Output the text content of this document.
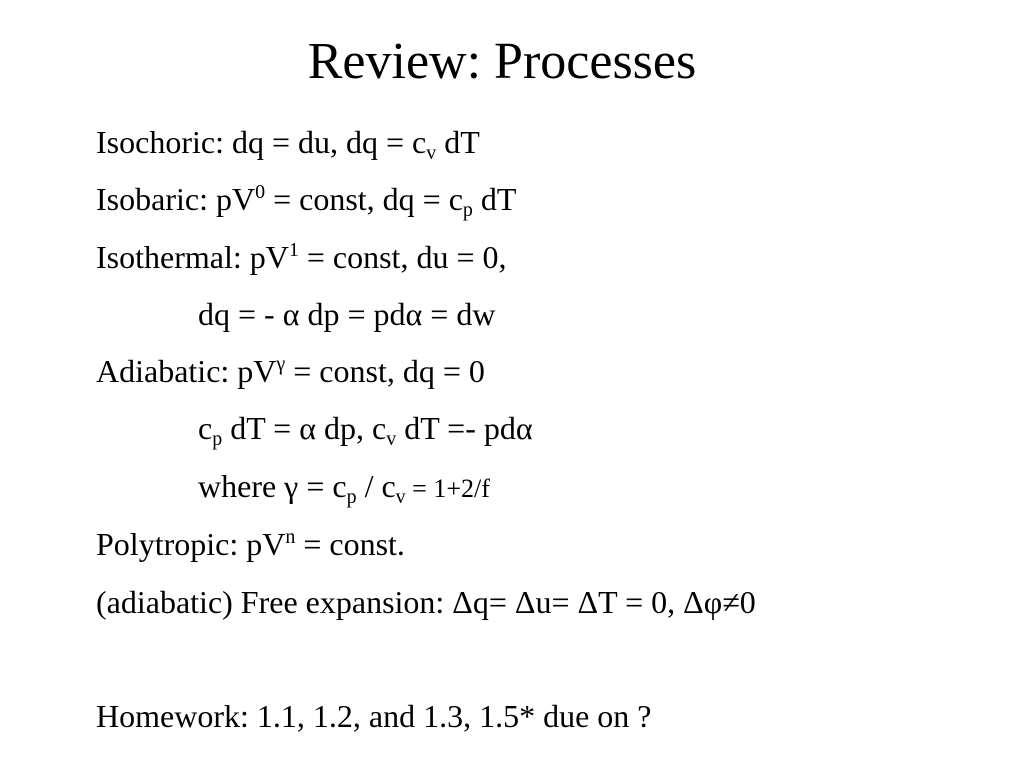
Review: Processes
Isochoric: dq = du, dq = $c_v$ dT
Isobaric: $pV^0$ = const, dq = $c_p$ dT
Isothermal: $pV^1$ = const, du = 0,
dq = - α dp = pdα = dw
Adiabatic: $pV^\gamma$ = const, dq = 0
$c_p$ dT = α dp, $c_v$ dT =- pdα
where $\gamma = c_p / c_v = 1+2/f$
Polytropic: $pV^n$ = const.
(adiabatic) Free expansion: Δq= Δu= ΔT = 0, Δφ≠0
Homework: 1.1, 1.2, and 1.3, 1.5* due on ?
